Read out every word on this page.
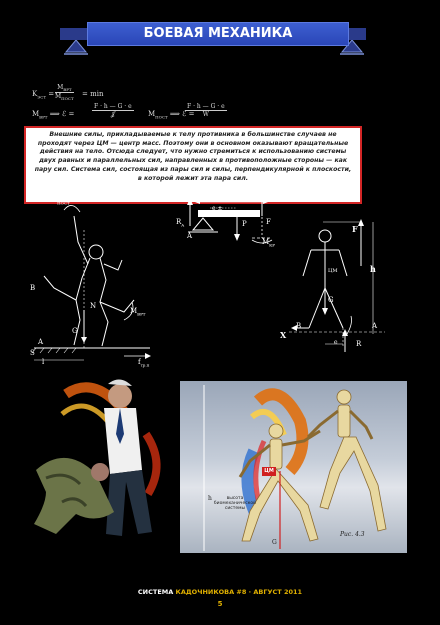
БОЕВАЯ МЕХАНИКА
$K_{ЭСТ}$ =
$M_{ВРТ}$
$M_{ПОСТ}$
= min
$M_{ВРТ}$ ⟹ ℰ =
F · h — G · e
𝒥	$M_{ПОСТ}$ ⟹ ℰ =
F · h — G · e
W
Внешние силы, прикладываемые к телу противника в большинстве случаев не проходят через ЦМ — центр масс. Поэтому они в основном оказывают вращательные действия на тело. Отсюда следует, что нужно стремиться к использованию системы двух равных и параллельных сил, направленных в противоположные стороны — как пару сил. Система сил, состоящая из пары сил и силы, перпендикулярной к плоскости, в которой лежит эта пара сил.
$M_{ПОСТ}$
$M_{ВРТ}$
B
N
A
G
S
l	$f_{тр.п}$
h
e ±
$R_A$
A
P	F
$M_{КР}$
F
h
ЦМ
G
B	A
X
e	R
ЦМ
h
G
высота биомеханической системы
Рис. 4.3
СИСТЕМА КАДОЧНИКОВА #8 · АВГУСТ 2011
5
